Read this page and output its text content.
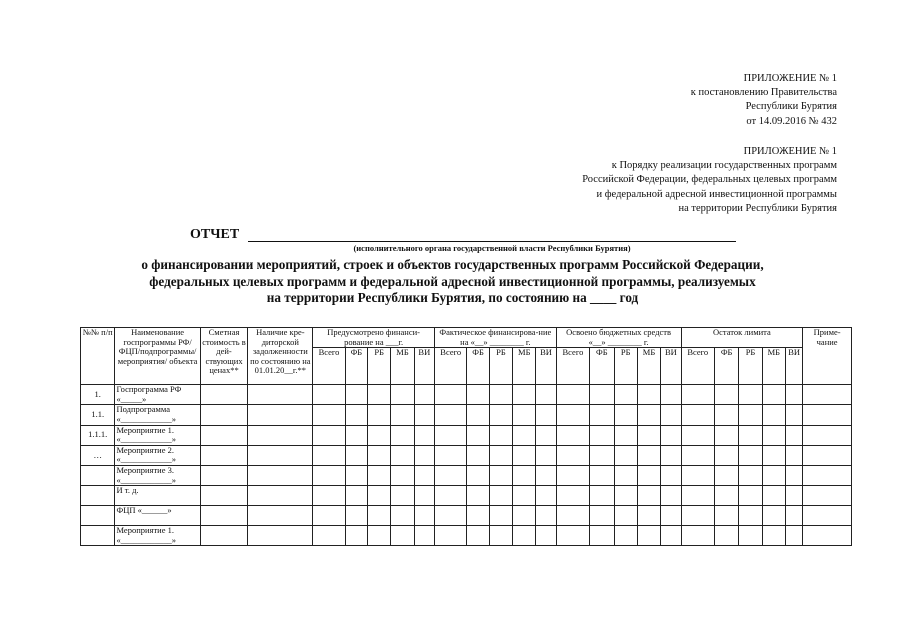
ПРИЛОЖЕНИЕ № 1
к постановлению Правительства
Республики Бурятия
от 14.09.2016 № 432
ПРИЛОЖЕНИЕ № 1
к Порядку реализации государственных программ
Российской Федерации, федеральных целевых программ
и федеральной адресной инвестиционной программы
на территории Республики Бурятия
ОТЧЕТ
(исполнительного органа государственной власти Республики Бурятия)
о финансировании мероприятий, строек и объектов государственных программ Российской Федерации,
федеральных целевых программ и федеральной адресной инвестиционной программы, реализуемых
на территории Республики Бурятия, по состоянию на ____ год
№№ п/п	Наименование госпрограммы РФ/ФЦП/подпрограммы/ мероприятия/ объекта	Сметная стоимость в дей-ствующих ценах**	Наличие кре-диторской задолженности по состоянию на 01.01.20__г.**	Предусмотрено финанси-рование на ___г.					Фактическое финансирова-ние на «__» ________ г.					Освоено бюджетных средств «__» ________ г.					Остаток лимита					Приме-чание
				Всего	ФБ	РБ	МБ	ВИ	Всего	ФБ	РБ	МБ	ВИ	Всего	ФБ	РБ	МБ	ВИ	Всего	ФБ	РБ	МБ	ВИ	
1.	Госпрограмма РФ «_____»																							
1.1.	Подпрограмма «____________»																							
1.1.1.	Мероприятие 1. «____________»																							
…	Мероприятие 2. «____________»																							
	Мероприятие 3. «____________»																							
	И т. д.																							
	ФЦП «______»																							
	Мероприятие 1. «____________»																							
